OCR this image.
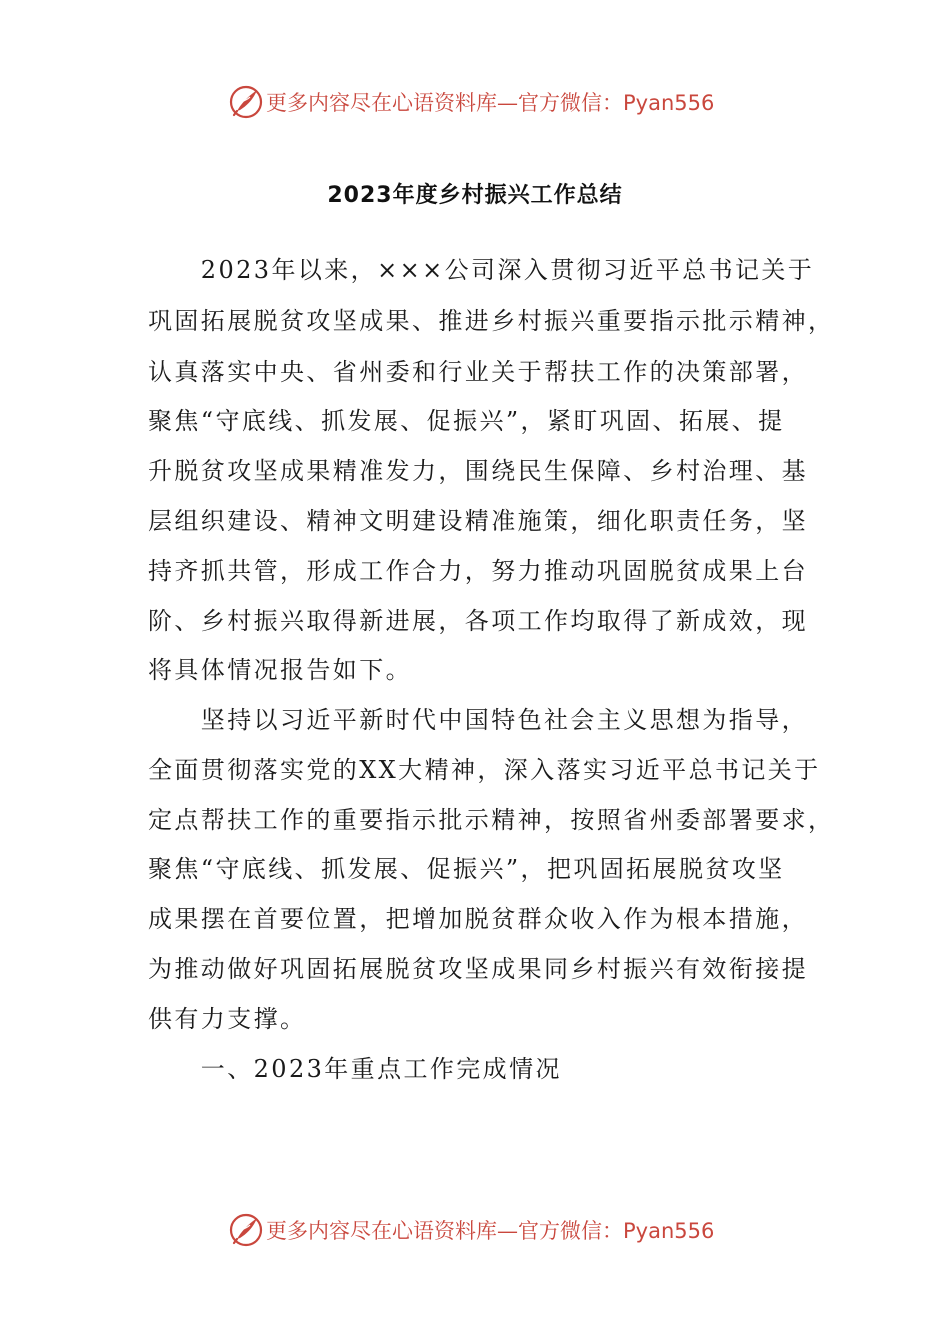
更多内容尽在心语资料库—官方微信：Pyan556
2023年度乡村振兴工作总结
　　2023年以来，×××公司深入贯彻习近平总书记关于
巩固拓展脱贫攻坚成果、推进乡村振兴重要指示批示精神，
认真落实中央、省州委和行业关于帮扶工作的决策部署，
聚焦“守底线、抓发展、促振兴”，紧盯巩固、拓展、提
升脱贫攻坚成果精准发力，围绕民生保障、乡村治理、基
层组织建设、精神文明建设精准施策，细化职责任务，坚
持齐抓共管，形成工作合力，努力推动巩固脱贫成果上台
阶、乡村振兴取得新进展，各项工作均取得了新成效，现
将具体情况报告如下。
　　坚持以习近平新时代中国特色社会主义思想为指导，
全面贯彻落实党的XX大精神，深入落实习近平总书记关于
定点帮扶工作的重要指示批示精神，按照省州委部署要求，
聚焦“守底线、抓发展、促振兴”，把巩固拓展脱贫攻坚
成果摆在首要位置，把增加脱贫群众收入作为根本措施，
为推动做好巩固拓展脱贫攻坚成果同乡村振兴有效衔接提
供有力支撑。
　　一、2023年重点工作完成情况
更多内容尽在心语资料库—官方微信：Pyan556
